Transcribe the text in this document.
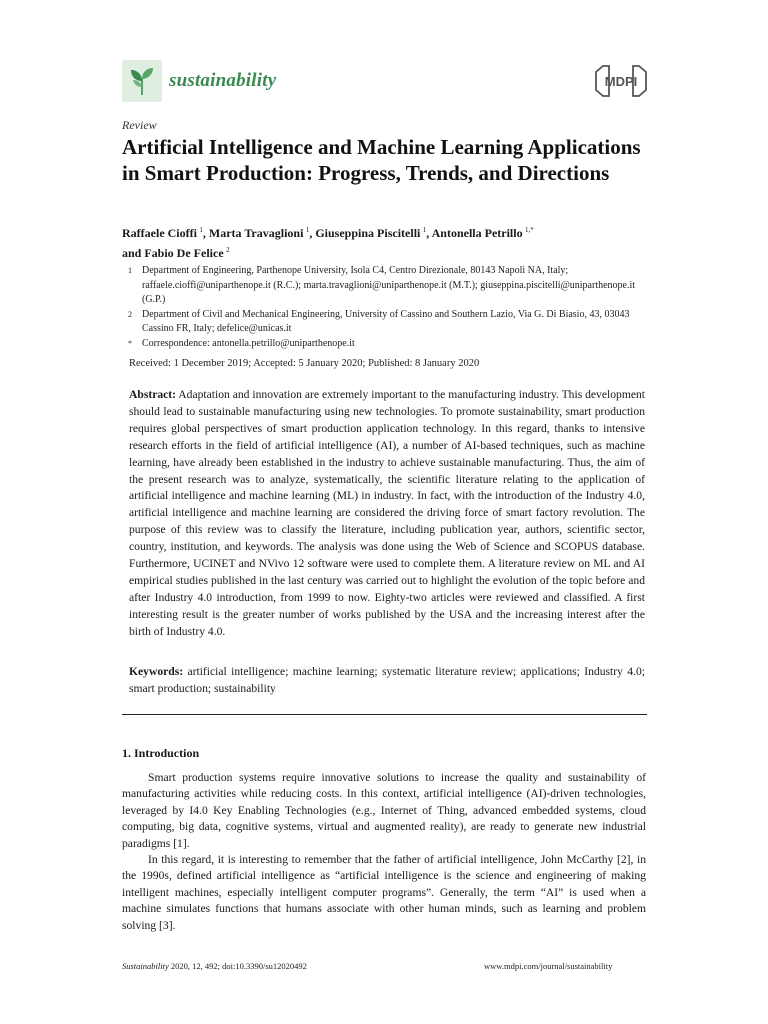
sustainability	MDPI
Review
Artificial Intelligence and Machine Learning Applications in Smart Production: Progress, Trends, and Directions
Raffaele Cioffi  $^1$, Marta Travaglioni  $^1$, Giuseppina Piscitelli  $^1$, Antonella Petrillo  $^{1,*}$
and Fabio De Felice  $^2$
1	Department of Engineering, Parthenope University, Isola C4, Centro Direzionale, 80143 Napoli NA, Italy; raffaele.cioffi@uniparthenope.it (R.C.); marta.travaglioni@uniparthenope.it (M.T.); giuseppina.piscitelli@uniparthenope.it (G.P.)
2	Department of Civil and Mechanical Engineering, University of Cassino and Southern Lazio, Via G. Di Biasio, 43, 03043 Cassino FR, Italy; defelice@unicas.it
*	Correspondence: antonella.petrillo@uniparthenope.it
Received: 1 December 2019; Accepted: 5 January 2020; Published: 8 January 2020

Abstract: Adaptation and innovation are extremely important to the manufacturing industry. This development should lead to sustainable manufacturing using new technologies. To promote sustainability, smart production requires global perspectives of smart production application technology. In this regard, thanks to intensive research efforts in the field of artificial intelligence (AI), a number of AI-based techniques, such as machine learning, have already been established in the industry to achieve sustainable manufacturing. Thus, the aim of the present research was to analyze, systematically, the scientific literature relating to the application of artificial intelligence and machine learning (ML) in industry. In fact, with the introduction of the Industry 4.0, artificial intelligence and machine learning are considered the driving force of smart factory revolution. The purpose of this review was to classify the literature, including publication year, authors, scientific sector, country, institution, and keywords. The analysis was done using the Web of Science and SCOPUS database. Furthermore, UCINET and NVivo 12 software were used to complete them. A literature review on ML and AI empirical studies published in the last century was carried out to highlight the evolution of the topic before and after Industry 4.0 introduction, from 1999 to now. Eighty-two articles were reviewed and classified. A first interesting result is the greater number of works published by the USA and the increasing interest after the birth of Industry 4.0.

Keywords: artificial intelligence; machine learning; systematic literature review; applications; Industry 4.0; smart production; sustainability

1. Introduction

Smart production systems require innovative solutions to increase the quality and sustainability of manufacturing activities while reducing costs. In this context, artificial intelligence (AI)-driven technologies, leveraged by I4.0 Key Enabling Technologies (e.g., Internet of Thing, advanced embedded systems, cloud computing, big data, cognitive systems, virtual and augmented reality), are ready to generate new industrial paradigms [1].

In this regard, it is interesting to remember that the father of artificial intelligence, John McCarthy [2], in the 1990s, defined artificial intelligence as “artificial intelligence is the science and engineering of making intelligent machines, especially intelligent computer programs”. Generally, the term “AI” is used when a machine simulates functions that humans associate with other human minds, such as learning and problem solving [3].

Sustainability 2020, 12, 492; doi:10.3390/su12020492	www.mdpi.com/journal/sustainability
